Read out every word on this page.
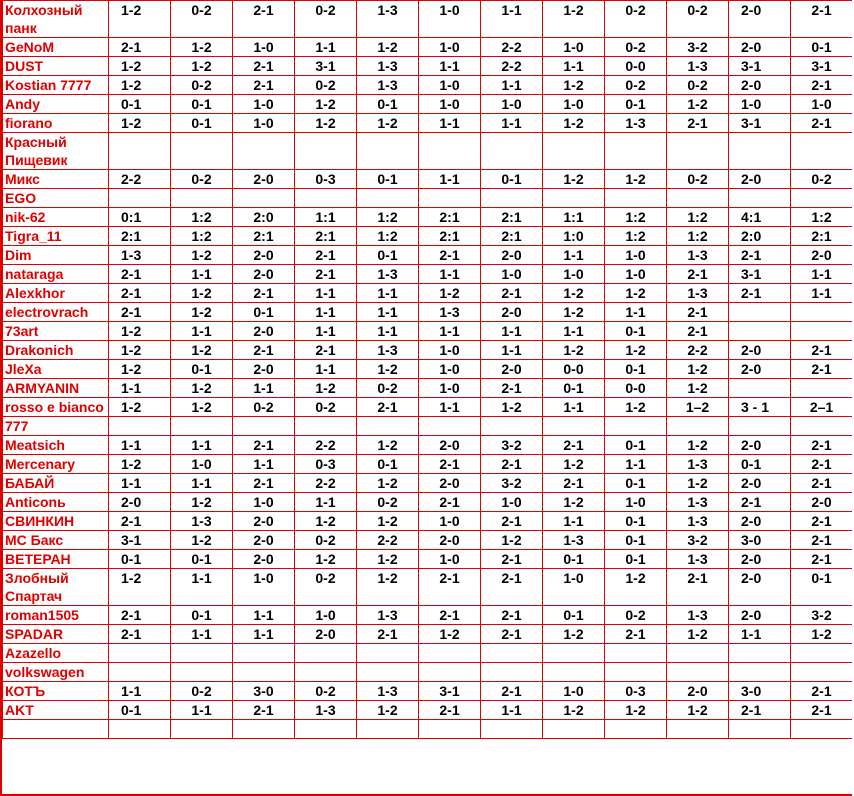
Колхозный панк	1-2	0-2	2-1	0-2	1-3	1-0	1-1	1-2	0-2	0-2	2-0	2-1
GeNoM	2-1	1-2	1-0	1-1	1-2	1-0	2-2	1-0	0-2	3-2	2-0	0-1
DUST	1-2	1-2	2-1	3-1	1-3	1-1	2-2	1-1	0-0	1-3	3-1	3-1
Kostian 7777	1-2	0-2	2-1	0-2	1-3	1-0	1-1	1-2	0-2	0-2	2-0	2-1
Andy	0-1	0-1	1-0	1-2	0-1	1-0	1-0	1-0	0-1	1-2	1-0	1-0
fiorano	1-2	0-1	1-0	1-2	1-2	1-1	1-1	1-2	1-3	2-1	3-1	2-1
Красный Пищевик												
Микс	2-2	0-2	2-0	0-3	0-1	1-1	0-1	1-2	1-2	0-2	2-0	0-2
EGO												
nik-62	0:1	1:2	2:0	1:1	1:2	2:1	2:1	1:1	1:2	1:2	4:1	1:2
Tigra_11	2:1	1:2	2:1	2:1	1:2	2:1	2:1	1:0	1:2	1:2	2:0	2:1
Dim	1-3	1-2	2-0	2-1	0-1	2-1	2-0	1-1	1-0	1-3	2-1	2-0
nataraga	2-1	1-1	2-0	2-1	1-3	1-1	1-0	1-0	1-0	2-1	3-1	1-1
Alexkhor	2-1	1-2	2-1	1-1	1-1	1-2	2-1	1-2	1-2	1-3	2-1	1-1
electrovrach	2-1	1-2	0-1	1-1	1-1	1-3	2-0	1-2	1-1	2-1		
73art	1-2	1-1	2-0	1-1	1-1	1-1	1-1	1-1	0-1	2-1		
Drakonich	1-2	1-2	2-1	2-1	1-3	1-0	1-1	1-2	1-2	2-2	2-0	2-1
JleXa	1-2	0-1	2-0	1-1	1-2	1-0	2-0	0-0	0-1	1-2	2-0	2-1
ARMYANIN	1-1	1-2	1-1	1-2	0-2	1-0	2-1	0-1	0-0	1-2		
rosso e bianco	1-2	1-2	0-2	0-2	2-1	1-1	1-2	1-1	1-2	1–2	3 - 1	2–1
777												
Meatsich	1-1	1-1	2-1	2-2	1-2	2-0	3-2	2-1	0-1	1-2	2-0	2-1
Mercenary	1-2	1-0	1-1	0-3	0-1	2-1	2-1	1-2	1-1	1-3	0-1	2-1
БАБАЙ	1-1	1-1	2-1	2-2	1-2	2-0	3-2	2-1	0-1	1-2	2-0	2-1
Anticonь	2-0	1-2	1-0	1-1	0-2	2-1	1-0	1-2	1-0	1-3	2-1	2-0
СВИНКИН	2-1	1-3	2-0	1-2	1-2	1-0	2-1	1-1	0-1	1-3	2-0	2-1
МС Бакс	3-1	1-2	2-0	0-2	2-2	2-0	1-2	1-3	0-1	3-2	3-0	2-1
ВЕТЕРАН	0-1	0-1	2-0	1-2	1-2	1-0	2-1	0-1	0-1	1-3	2-0	2-1
Злобный Спартач	1-2	1-1	1-0	0-2	1-2	2-1	2-1	1-0	1-2	2-1	2-0	0-1
roman1505	2-1	0-1	1-1	1-0	1-3	2-1	2-1	0-1	0-2	1-3	2-0	3-2
SPADAR	2-1	1-1	1-1	2-0	2-1	1-2	2-1	1-2	2-1	1-2	1-1	1-2
Azazello												
volkswagen												
КОТЪ	1-1	0-2	3-0	0-2	1-3	3-1	2-1	1-0	0-3	2-0	3-0	2-1
AKT	0-1	1-1	2-1	1-3	1-2	2-1	1-1	1-2	1-2	1-2	2-1	2-1
